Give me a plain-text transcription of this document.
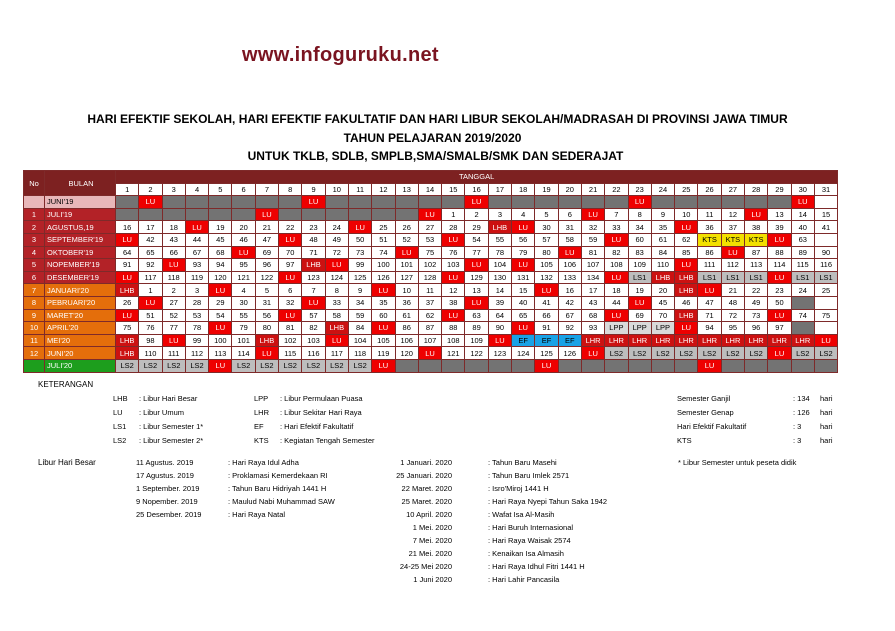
www.infoguruku.net
HARI EFEKTIF SEKOLAH, HARI EFEKTIF FAKULTATIF DAN HARI LIBUR SEKOLAH/MADRASAH DI PROVINSI JAWA TIMUR
TAHUN PELAJARAN 2019/2020
UNTUK TKLB, SDLB, SMPLB,SMA/SMALB/SMK DAN SEDERAJAT
No	BULAN	TANGGAL																														
		1	2	3	4	5	6	7	8	9	10	11	12	13	14	15	16	17	18	19	20	21	22	23	24	25	26	27	28	29	30	31
	JUNI'19		LU							LU							LU							LU							LU	
1	JULI'19							LU							LU	1	2	3	4	5	6	LU	7	8	9	10	11	12	LU	13	14	15
2	AGUSTUS,19	16	17	18	LU	19	20	21	22	23	24	LU	25	26	27	28	29	LHB	LU	30	31	32	33	34	35	LU	36	37	38	39	40	41
3	SEPTEMBER'19	LU	42	43	44	45	46	47	LU	48	49	50	51	52	53	LU	54	55	56	57	58	59	LU	60	61	62	KTS	KTS	KTS	LU	63	
4	OKTOBER'19	64	65	66	67	68	LU	69	70	71	72	73	74	LU	75	76	77	78	79	80	LU	81	82	83	84	85	86	LU	87	88	89	90
5	NOPEMBER'19	91	92	LU	93	94	95	96	97	LHB	LU	99	100	101	102	103	LU	104	LU	105	106	107	108	109	110	LU	111	112	113	114	115	116
6	DESEMBER'19	LU	117	118	119	120	121	122	LU	123	124	125	126	127	128	LU	129	130	131	132	133	134	LU	LS1	LHB	LHB	LS1	LS1	LS1	LU	LS1	LS1
7	JANUARI'20	LHB	1	2	3	LU	4	5	6	7	8	9	LU	10	11	12	13	14	15	LU	16	17	18	19	20	LHB	LU	21	22	23	24	25
8	PEBRUARI'20	26	LU	27	28	29	30	31	32	LU	33	34	35	36	37	38	LU	39	40	41	42	43	44	LU	45	46	47	48	49	50		
9	MARET'20	LU	51	52	53	54	55	56	LU	57	58	59	60	61	62	LU	63	64	65	66	67	68	LU	69	70	LHB	71	72	73	LU	74	75
10	APRIL'20	75	76	77	78	LU	79	80	81	82	LHB	84	LU	86	87	88	89	90	LU	91	92	93	LPP	LPP	LPP	LU	94	95	96	97		
11	MEI'20	LHB	98	LU	99	100	101	LHB	102	103	LU	104	105	106	107	108	109	LU	EF	EF	EF	LHR	LHR	LHR	LHR	LHR	LHR	LHR	LHR	LHR	LHR	LU
12	JUNI'20	LHB	110	111	112	113	114	LU	115	116	117	118	119	120	LU	121	122	123	124	125	126	LU	LS2	LS2	LS2	LS2	LS2	LS2	LS2	LU	LS2	LS2
	JULI'20	LS2	LS2	LS2	LS2	LU	LS2	LS2	LS2	LS2	LS2	LS2	LU							LU							LU					
KETERANGAN
LHB : Libur Hari Besar
LU : Libur Umum
LS1 : Libur Semester 1*
LS2 : Libur Semester 2*
LPP : Libur Permulaan Puasa
LHR : Libur Sekitar Hari Raya
EF : Hari Efektif Fakultatif
KTS : Kegiatan Tengah Semester
Semester Ganjil	: 134 hari
Semester Genap	: 126 hari
Hari Efektif Fakultatif	: 3 hari
KTS	: 3 hari
Libur Hari Besar	11 Agustus. 2019	: Hari Raya Idul Adha
17 Agustus. 2019	: Proklamasi Kemerdekaan RI
1 September. 2019	: Tahun Baru Hidriyah 1441 H
9 Nopember. 2019	: Maulud Nabi Muhammad SAW
25 Desember. 2019	: Hari Raya Natal
1 Januari. 2020	: Tahun Baru Masehi
25 Januari. 2020	: Tahun Baru Imlek 2571
22 Maret. 2020	: Isro'Miroj 1441 H
25 Maret. 2020	: Hari Raya Nyepi Tahun Saka 1942
10 April. 2020	: Wafat Isa Al-Masih
1 Mei. 2020	: Hari Buruh Internasional
7 Mei. 2020	: Hari Raya Waisak 2574
21 Mei. 2020	: Kenaikan Isa Almasih
24-25 Mei 2020	: Hari Raya Idhul Fitri 1441 H
1 Juni 2020	: Hari Lahir Pancasila
* Libur Semester untuk peseta didik
